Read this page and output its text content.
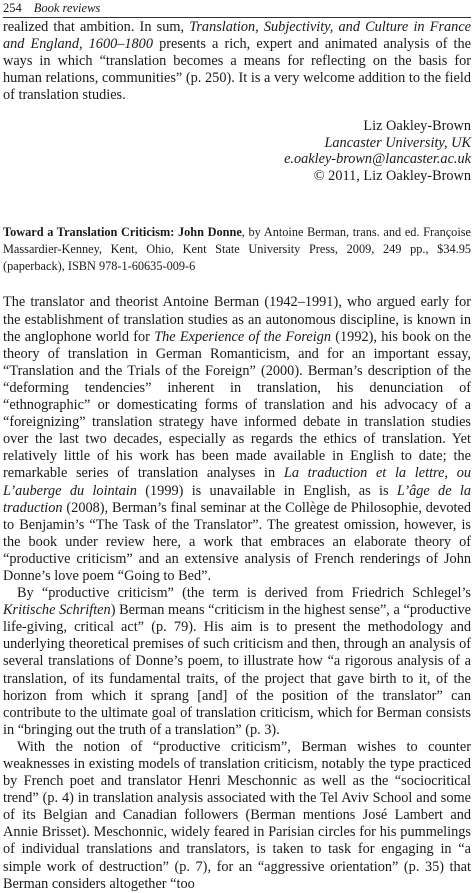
254 Book reviews

realized that ambition. In sum, Translation, Subjectivity, and Culture in France and England, 1600–1800 presents a rich, expert and animated analysis of the ways in which “translation becomes a means for reflecting on the basis for human relations, communities” (p. 250). It is a very welcome addition to the field of translation studies.

Liz Oakley-Brown
Lancaster University, UK
e.oakley-brown@lancaster.ac.uk
© 2011, Liz Oakley-Brown

Toward a Translation Criticism: John Donne, by Antoine Berman, trans. and ed. Françoise Massardier-Kenney, Kent, Ohio, Kent State University Press, 2009, 249 pp., $34.95 (paperback), ISBN 978-1-60635-009-6

The translator and theorist Antoine Berman (1942–1991), who argued early for the establishment of translation studies as an autonomous discipline, is known in the anglophone world for The Experience of the Foreign (1992), his book on the theory of translation in German Romanticism, and for an important essay, “Translation and the Trials of the Foreign” (2000). Berman’s description of the “deforming tendencies” inherent in translation, his denunciation of “ethnographic” or domesticating forms of translation and his advocacy of a “foreignizing” translation strategy have informed debate in translation studies over the last two decades, especially as regards the ethics of translation. Yet relatively little of his work has been made available in English to date; the remarkable series of translation analyses in La traduction et la lettre, ou L’auberge du lointain (1999) is unavailable in English, as is L’âge de la traduction (2008), Berman’s final seminar at the Collège de Philosophie, devoted to Benjamin’s “The Task of the Translator”. The greatest omission, however, is the book under review here, a work that embraces an elaborate theory of “productive criticism” and an extensive analysis of French renderings of John Donne’s love poem “Going to Bed”.

By “productive criticism” (the term is derived from Friedrich Schlegel’s Kritische Schriften) Berman means “criticism in the highest sense”, a “productive life-giving, critical act” (p. 79). His aim is to present the methodology and underlying theoretical premises of such criticism and then, through an analysis of several translations of Donne’s poem, to illustrate how “a rigorous analysis of a translation, of its fundamental traits, of the project that gave birth to it, of the horizon from which it sprang [and] of the position of the translator” can contribute to the ultimate goal of translation criticism, which for Berman consists in “bringing out the truth of a translation” (p. 3).

With the notion of “productive criticism”, Berman wishes to counter weaknesses in existing models of translation criticism, notably the type practiced by French poet and translator Henri Meschonnic as well as the “sociocritical trend” (p. 4) in translation analysis associated with the Tel Aviv School and some of its Belgian and Canadian followers (Berman mentions José Lambert and Annie Brisset). Meschonnic, widely feared in Parisian circles for his pummelings of individual translations and translators, is taken to task for engaging in “a simple work of destruction” (p. 7), for an “aggressive orientation” (p. 35) that Berman considers altogether “too
